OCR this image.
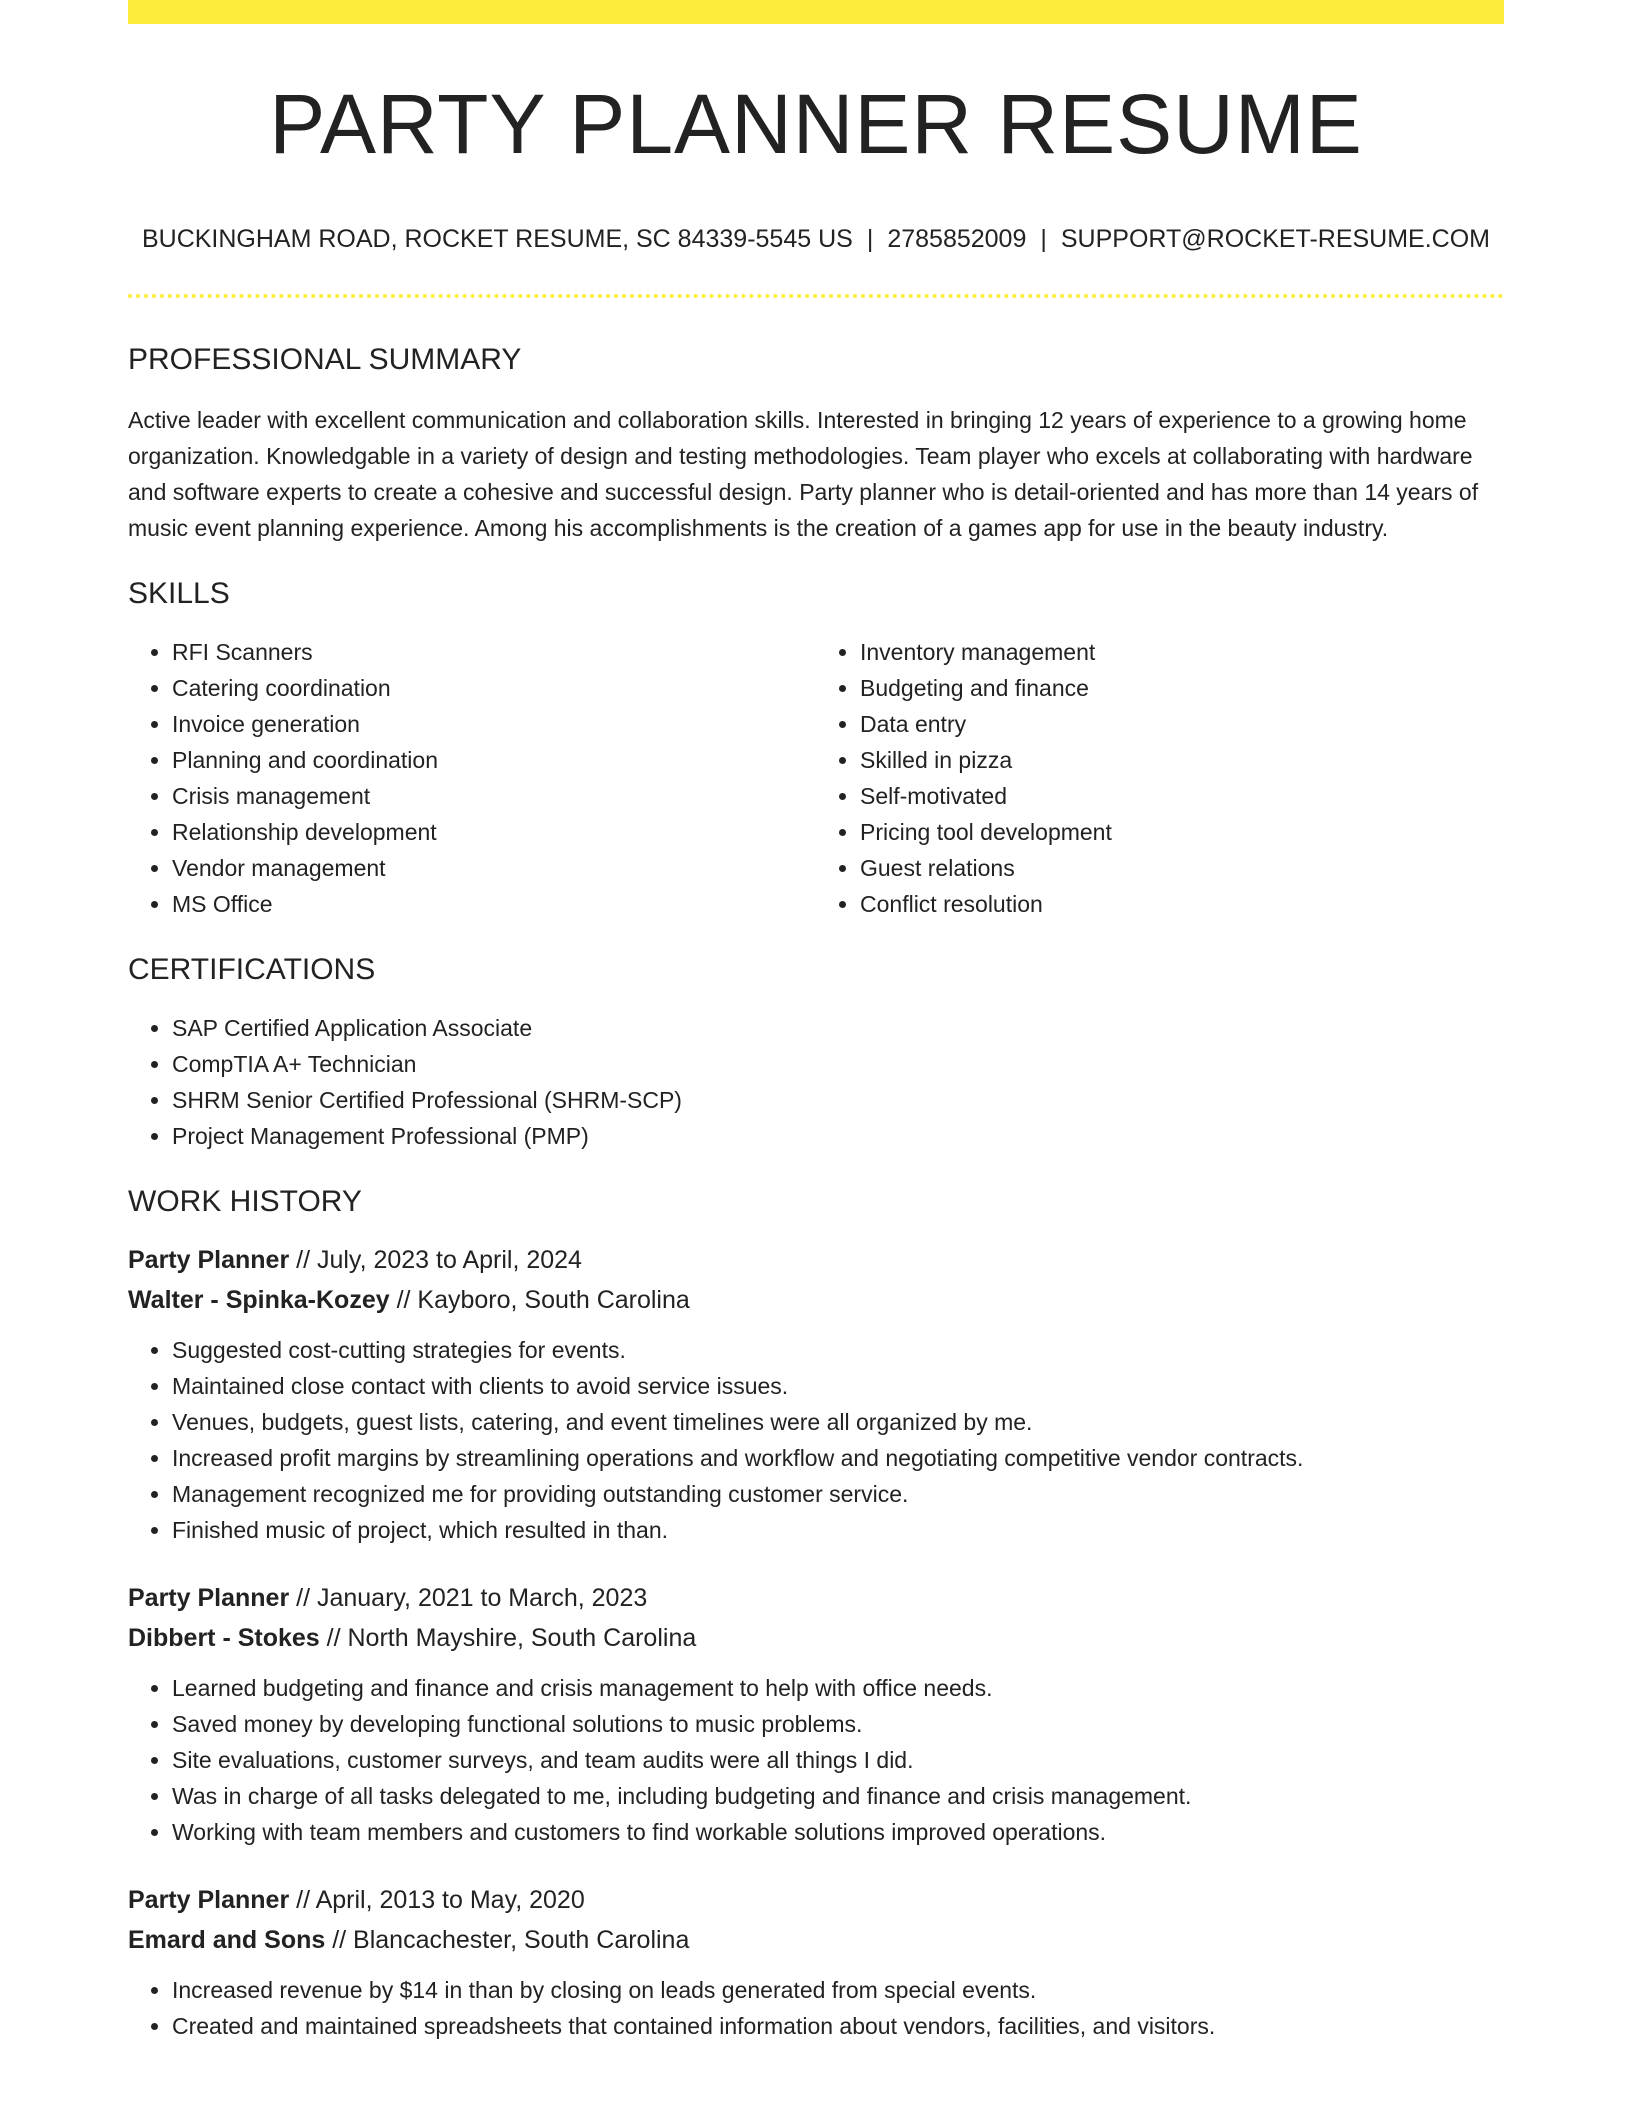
PARTY PLANNER RESUME
BUCKINGHAM ROAD, ROCKET RESUME, SC 84339-5545 US | 2785852009 | SUPPORT@ROCKET-RESUME.COM
PROFESSIONAL SUMMARY
Active leader with excellent communication and collaboration skills. Interested in bringing 12 years of experience to a growing home organization. Knowledgable in a variety of design and testing methodologies. Team player who excels at collaborating with hardware and software experts to create a cohesive and successful design. Party planner who is detail-oriented and has more than 14 years of music event planning experience. Among his accomplishments is the creation of a games app for use in the beauty industry.
SKILLS
• RFI Scanners
• Catering coordination
• Invoice generation
• Planning and coordination
• Crisis management
• Relationship development
• Vendor management
• MS Office
• Inventory management
• Budgeting and finance
• Data entry
• Skilled in pizza
• Self-motivated
• Pricing tool development
• Guest relations
• Conflict resolution
CERTIFICATIONS
• SAP Certified Application Associate
• CompTIA A+ Technician
• SHRM Senior Certified Professional (SHRM-SCP)
• Project Management Professional (PMP)
WORK HISTORY
Party Planner // July, 2023 to April, 2024
Walter - Spinka-Kozey // Kayboro, South Carolina
• Suggested cost-cutting strategies for events.
• Maintained close contact with clients to avoid service issues.
• Venues, budgets, guest lists, catering, and event timelines were all organized by me.
• Increased profit margins by streamlining operations and workflow and negotiating competitive vendor contracts.
• Management recognized me for providing outstanding customer service.
• Finished music of project, which resulted in than.
Party Planner // January, 2021 to March, 2023
Dibbert - Stokes // North Mayshire, South Carolina
• Learned budgeting and finance and crisis management to help with office needs.
• Saved money by developing functional solutions to music problems.
• Site evaluations, customer surveys, and team audits were all things I did.
• Was in charge of all tasks delegated to me, including budgeting and finance and crisis management.
• Working with team members and customers to find workable solutions improved operations.
Party Planner // April, 2013 to May, 2020
Emard and Sons // Blancachester, South Carolina
• Increased revenue by $14 in than by closing on leads generated from special events.
• Created and maintained spreadsheets that contained information about vendors, facilities, and visitors.
